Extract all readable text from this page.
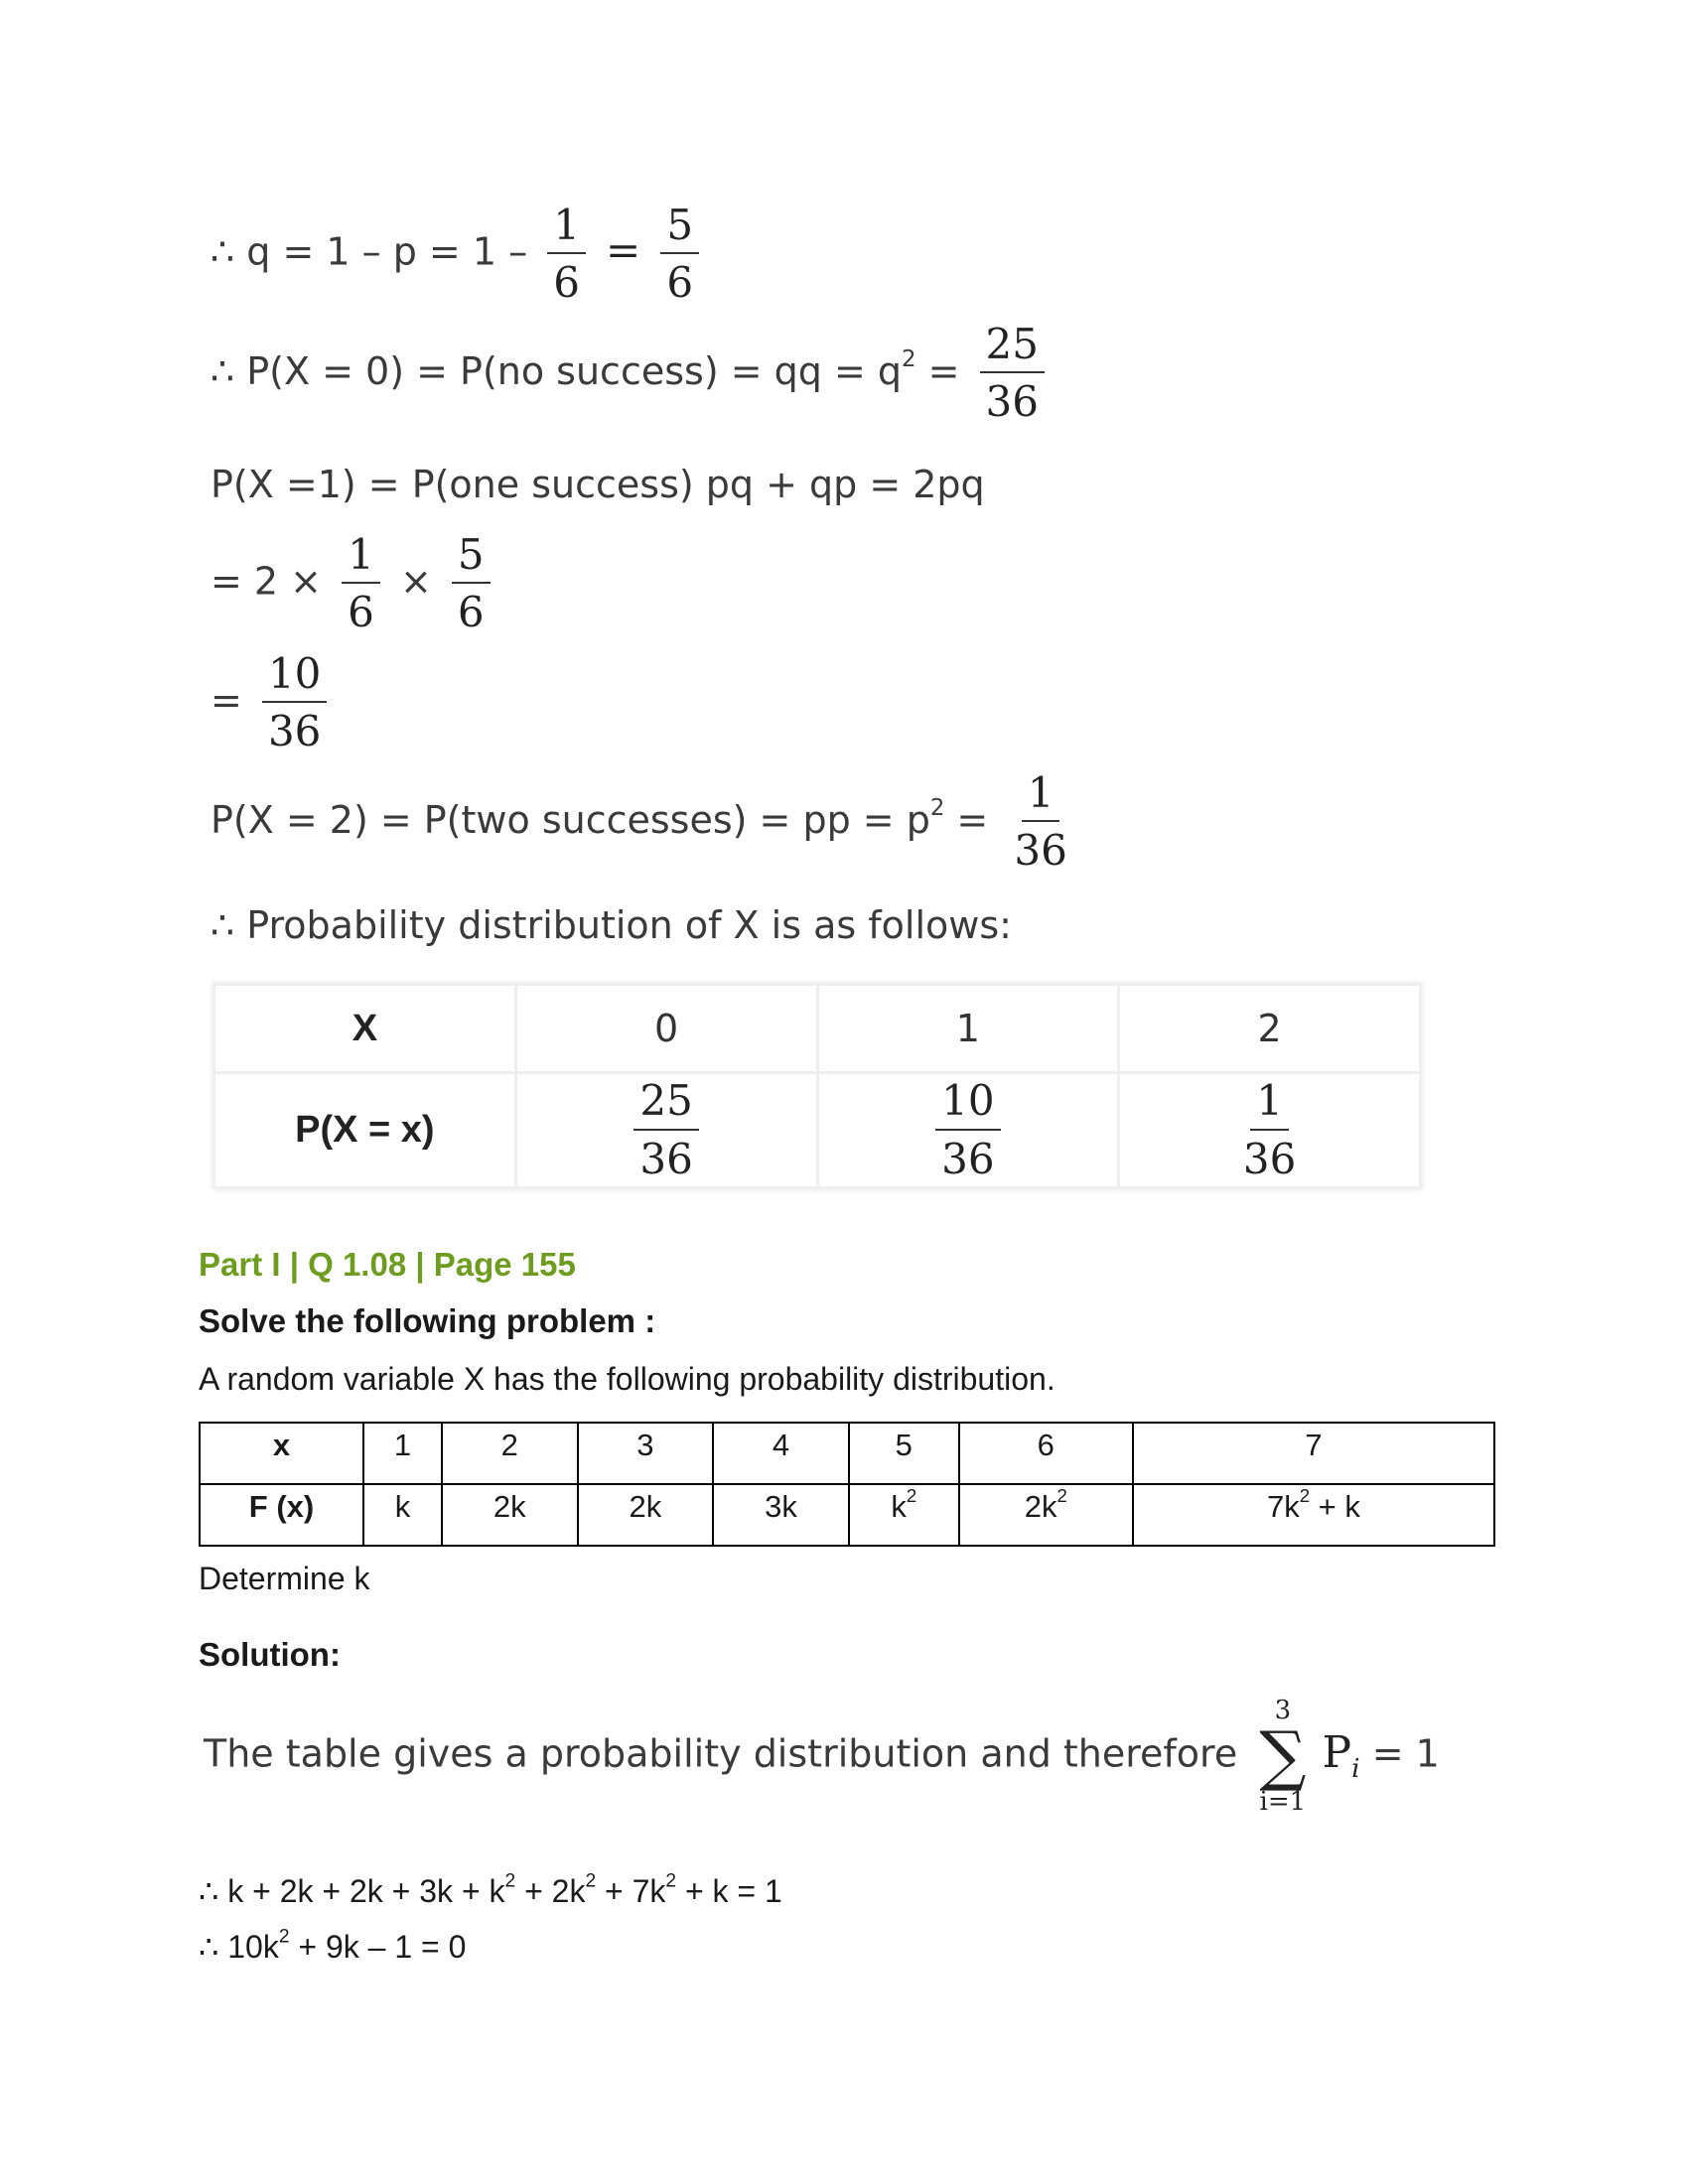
∴ $q = 1 - p = 1 - \frac{1}{6} = \frac{5}{6}$
∴ P(X = 0) = P(no success) = qq = $q^2 = \frac{25}{36}$
P(X =1) = P(one success) pq + qp = 2pq
= $2 \times \frac{1}{6} \times \frac{5}{6}$
= $\frac{10}{36}$
P(X = 2) = P(two successes) = pp = $p^2 = \frac{1}{36}$
∴ Probability distribution of X is as follows:
X	0	1	2
P(X = x)	$\frac{25}{36}$	$\frac{10}{36}$	$\frac{1}{36}$
Part I | Q 1.08 | Page 155
Solve the following problem :
A random variable X has the following probability distribution.
x	1	2	3	4	5	6	7
F (x)	k	2k	2k	3k	$k^2$	$2k^2$	$7k^2 + k$
Determine k
Solution:
The table gives a probability distribution and therefore
3
∑
i=1
$P_i = 1$
∴ $k + 2k + 2k + 3k + k^2 + 2k^2 + 7k^2 + k = 1$
∴ $10k^2 + 9k - 1 = 0$
